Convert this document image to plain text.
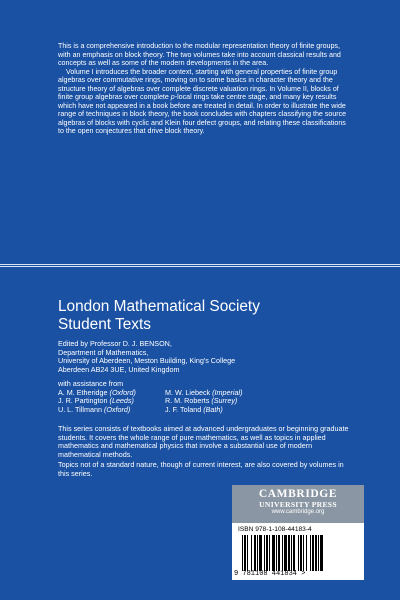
This is a comprehensive introduction to the modular representation theory of finite groups, with an emphasis on block theory. The two volumes take into account classical results and concepts as well as some of the modern developments in the area.

Volume I introduces the broader context, starting with general properties of finite group algebras over commutative rings, moving on to some basics in character theory and the structure theory of algebras over complete discrete valuation rings. In Volume II, blocks of finite group algebras over complete p-local rings take centre stage, and many key results which have not appeared in a book before are treated in detail. In order to illustrate the wide range of techniques in block theory, the book concludes with chapters classifying the source algebras of blocks with cyclic and Klein four defect groups, and relating these classifications to the open conjectures that drive block theory.

London Mathematical Society
Student Texts
Edited by Professor D. J. BENSON,
Department of Mathematics,
University of Aberdeen, Meston Building, King's College
Aberdeen AB24 3UE, United Kingdom
with assistance from
A. M. Etheridge (Oxford)	M. W. Liebeck (Imperial)
J. R. Partington (Leeds)	R. M. Roberts (Surrey)
U. L. Tillmann (Oxford)	J. F. Toland (Bath)

This series consists of textbooks aimed at advanced undergraduates or beginning graduate students. It covers the whole range of pure mathematics, as well as topics in applied mathematics and mathematical physics that involve a substantial use of modern mathematical methods.

Topics not of a standard nature, though of current interest, are also covered by volumes in this series.

CAMBRIDGE
UNIVERSITY PRESS
www.cambridge.org
ISBN 978-1-108-44183-4
9 781108 441834 >
